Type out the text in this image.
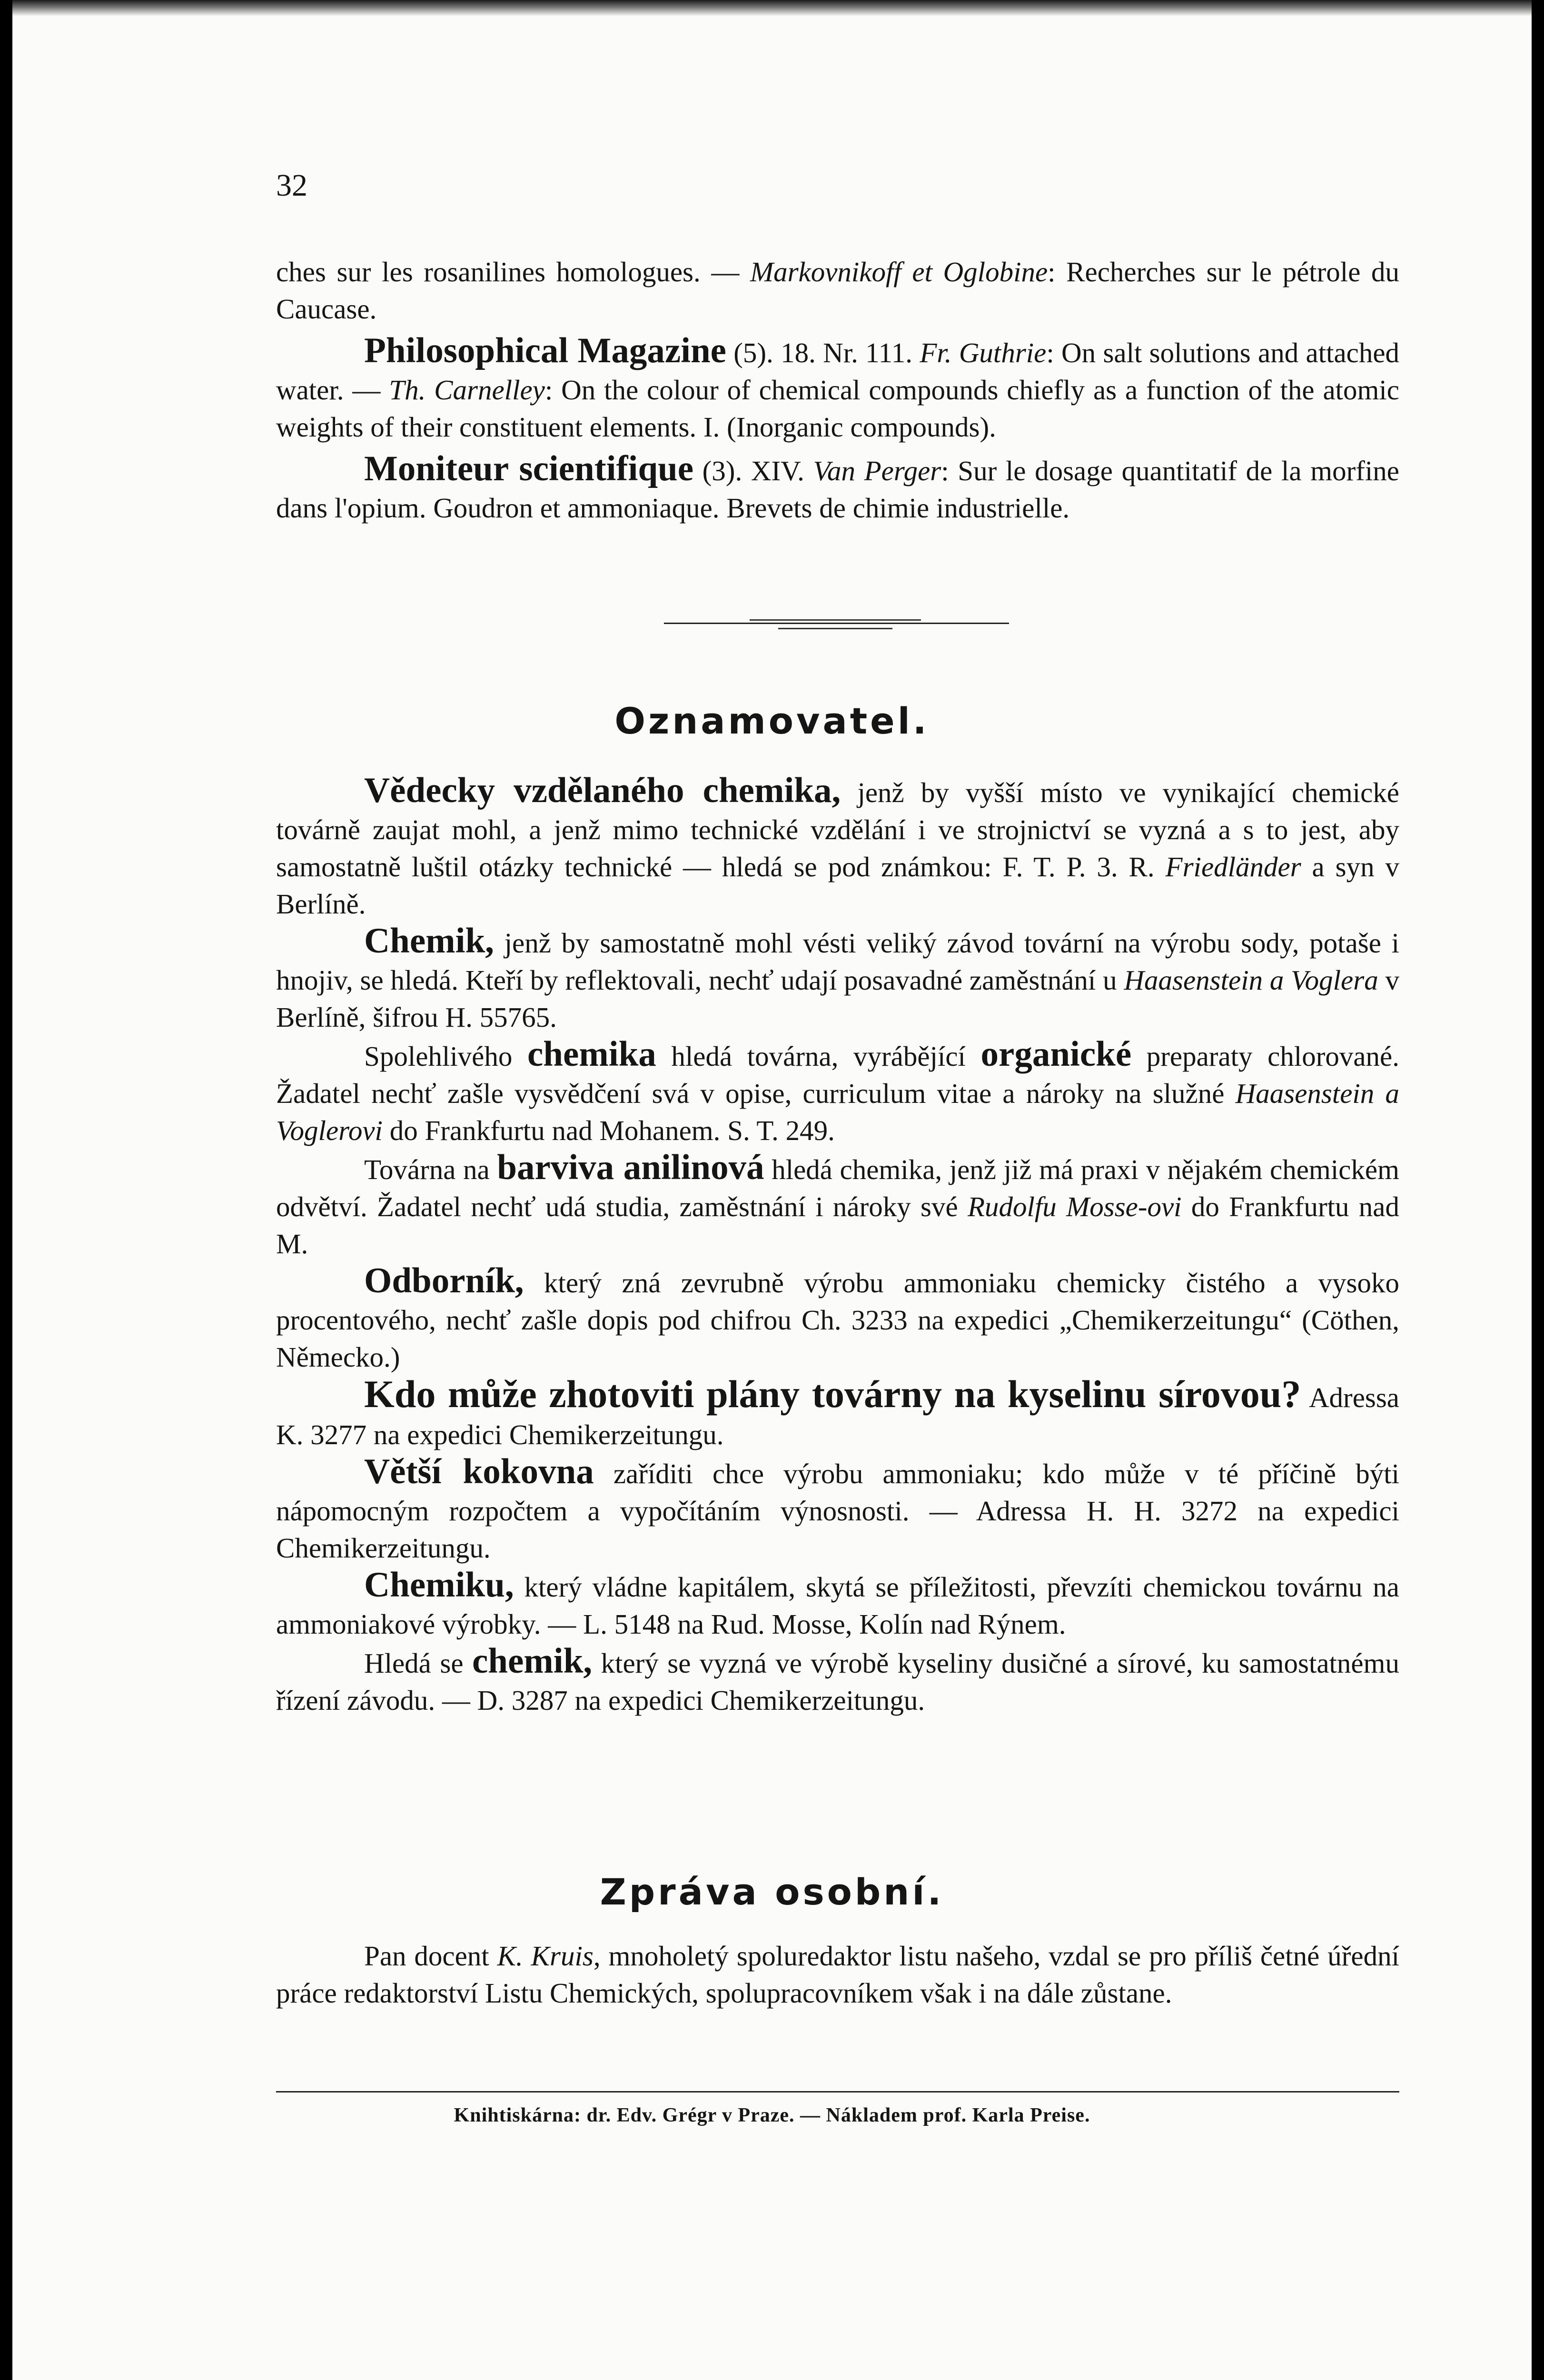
32

ches sur les rosanilines homologues. — Markovnikoff et Oglobine: Recherches sur le pétrole du Caucase.

Philosophical Magazine (5). 18. Nr. 111. Fr. Guthrie: On salt solutions and attached water. — Th. Carnelley: On the colour of chemical compounds chiefly as a function of the atomic weights of their constituent elements. I. (Inorganic compounds).

Moniteur scientifique (3). XIV. Van Perger: Sur le dosage quantitatif de la morfine dans l'opium. Goudron et ammoniaque. Brevets de chimie industrielle.

Oznamovatel.

Vědecky vzdělaného chemika, jenž by vyšší místo ve vynikající chemické továrně zaujat mohl, a jenž mimo technické vzdělání i ve strojnictví se vyzná a s to jest, aby samostatně luštil otázky technické — hledá se pod známkou: F. T. P. 3. R. Friedländer a syn v Berlíně.

Chemik, jenž by samostatně mohl vésti veliký závod tovární na výrobu sody, potaše i hnojiv, se hledá. Kteří by reflektovali, nechť udají posavadné zaměstnání u Haasenstein a Voglera v Berlíně, šifrou H. 55765.

Spolehlivého chemika hledá továrna, vyrábějící organické preparaty chlorované. Žadatel nechť zašle vysvědčení svá v opise, curriculum vitae a nároky na služné Haasenstein a Voglerovi do Frankfurtu nad Mohanem. S. T. 249.

Továrna na barviva anilinová hledá chemika, jenž již má praxi v nějakém chemickém odvětví. Žadatel nechť udá studia, zaměstnání i nároky své Rudolfu Mosse-ovi do Frankfurtu nad M.

Odborník, který zná zevrubně výrobu ammoniaku chemicky čistého a vysoko procentového, nechť zašle dopis pod chifrou Ch. 3233 na expedici „Chemikerzeitungu“ (Cöthen, Německo.)

Kdo může zhotoviti plány továrny na kyselinu sírovou? Adressa K. 3277 na expedici Chemikerzeitungu.

Větší kokovna zaříditi chce výrobu ammoniaku; kdo může v té příčině býti nápomocným rozpočtem a vypočítáním výnosnosti. — Adressa H. H. 3272 na expedici Chemikerzeitungu.

Chemiku, který vládne kapitálem, skytá se příležitosti, převzíti chemickou továrnu na ammoniakové výrobky. — L. 5148 na Rud. Mosse, Kolín nad Rýnem.

Hledá se chemik, který se vyzná ve výrobě kyseliny dusičné a sírové, ku samostatnému řízení závodu. — D. 3287 na expedici Chemikerzeitungu.

Zpráva osobní.

Pan docent K. Kruis, mnoholetý spoluredaktor listu našeho, vzdal se pro příliš četné úřední práce redaktorství Listu Chemických, spolupracovníkem však i na dále zůstane.

Knihtiskárna: dr. Edv. Grégr v Praze. — Nákladem prof. Karla Preise.
